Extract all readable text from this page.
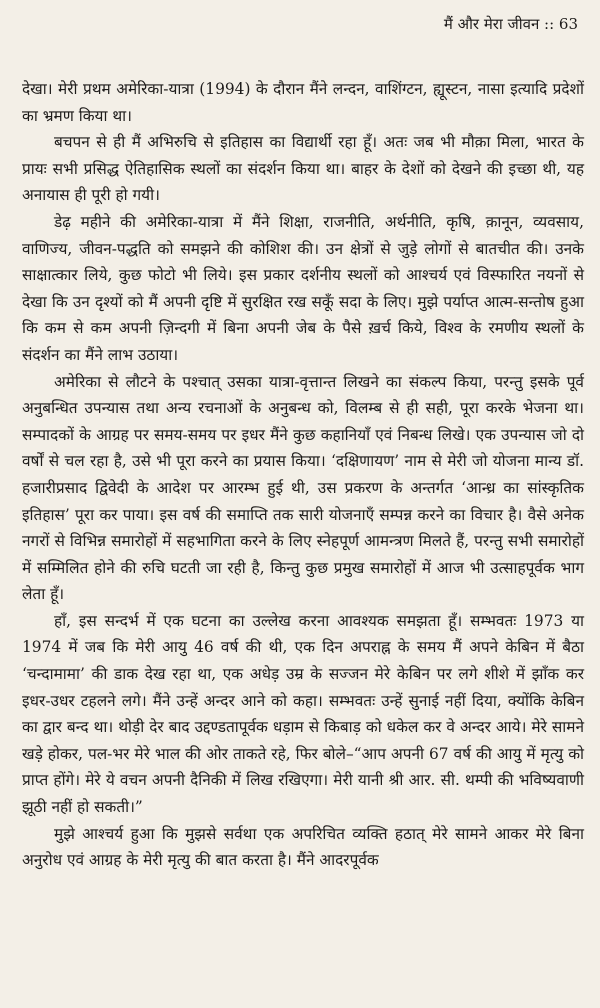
मैं और मेरा जीवन :: 63

देखा। मेरी प्रथम अमेरिका-यात्रा (1994) के दौरान मैंने लन्दन, वाशिंग्टन, ह्यूस्टन, नासा इत्यादि प्रदेशों का भ्रमण किया था।

बचपन से ही मैं अभिरुचि से इतिहास का विद्यार्थी रहा हूँ। अतः जब भी मौक़ा मिला, भारत के प्रायः सभी प्रसिद्ध ऐतिहासिक स्थलों का संदर्शन किया था। बाहर के देशों को देखने की इच्छा थी, यह अनायास ही पूरी हो गयी।

डेढ़ महीने की अमेरिका-यात्रा में मैंने शिक्षा, राजनीति, अर्थनीति, कृषि, क़ानून, व्यवसाय, वाणिज्य, जीवन-पद्धति को समझने की कोशिश की। उन क्षेत्रों से जुड़े लोगों से बातचीत की। उनके साक्षात्कार लिये, कुछ फोटो भी लिये। इस प्रकार दर्शनीय स्थलों को आश्चर्य एवं विस्फारित नयनों से देखा कि उन दृश्यों को मैं अपनी दृष्टि में सुरक्षित रख सकूँ सदा के लिए। मुझे पर्याप्त आत्म-सन्तोष हुआ कि कम से कम अपनी ज़िन्दगी में बिना अपनी जेब के पैसे ख़र्च किये, विश्व के रमणीय स्थलों के संदर्शन का मैंने लाभ उठाया।

अमेरिका से लौटने के पश्चात् उसका यात्रा-वृत्तान्त लिखने का संकल्प किया, परन्तु इसके पूर्व अनुबन्धित उपन्यास तथा अन्य रचनाओं के अनुबन्ध को, विलम्ब से ही सही, पूरा करके भेजना था। सम्पादकों के आग्रह पर समय-समय पर इधर मैंने कुछ कहानियाँ एवं निबन्ध लिखे। एक उपन्यास जो दो वर्षों से चल रहा है, उसे भी पूरा करने का प्रयास किया। ‘दक्षिणायण’ नाम से मेरी जो योजना मान्य डॉ. हजारीप्रसाद द्विवेदी के आदेश पर आरम्भ हुई थी, उस प्रकरण के अन्तर्गत ‘आन्ध्र का सांस्कृतिक इतिहास’ पूरा कर पाया। इस वर्ष की समाप्ति तक सारी योजनाएँ सम्पन्न करने का विचार है। वैसे अनेक नगरों से विभिन्न समारोहों में सहभागिता करने के लिए स्नेहपूर्ण आमन्त्रण मिलते हैं, परन्तु सभी समारोहों में सम्मिलित होने की रुचि घटती जा रही है, किन्तु कुछ प्रमुख समारोहों में आज भी उत्साहपूर्वक भाग लेता हूँ।

हाँ, इस सन्दर्भ में एक घटना का उल्लेख करना आवश्यक समझता हूँ। सम्भवतः 1973 या 1974 में जब कि मेरी आयु 46 वर्ष की थी, एक दिन अपराह्न के समय मैं अपने केबिन में बैठा ‘चन्दामामा’ की डाक देख रहा था, एक अधेड़ उम्र के सज्जन मेरे केबिन पर लगे शीशे में झाँक कर इधर-उधर टहलने लगे। मैंने उन्हें अन्दर आने को कहा। सम्भवतः उन्हें सुनाई नहीं दिया, क्योंकि केबिन का द्वार बन्द था। थोड़ी देर बाद उद्दण्डतापूर्वक धड़ाम से किबाड़ को धकेल कर वे अन्दर आये। मेरे सामने खड़े होकर, पल-भर मेरे भाल की ओर ताकते रहे, फिर बोले–“आप अपनी 67 वर्ष की आयु में मृत्यु को प्राप्त होंगे। मेरे ये वचन अपनी दैनिकी में लिख रखिएगा। मेरी यानी श्री आर. सी. थम्पी की भविष्यवाणी झूठी नहीं हो सकती।”

मुझे आश्चर्य हुआ कि मुझसे सर्वथा एक अपरिचित व्यक्ति हठात् मेरे सामने आकर मेरे बिना अनुरोध एवं आग्रह के मेरी मृत्यु की बात करता है। मैंने आदरपूर्वक
